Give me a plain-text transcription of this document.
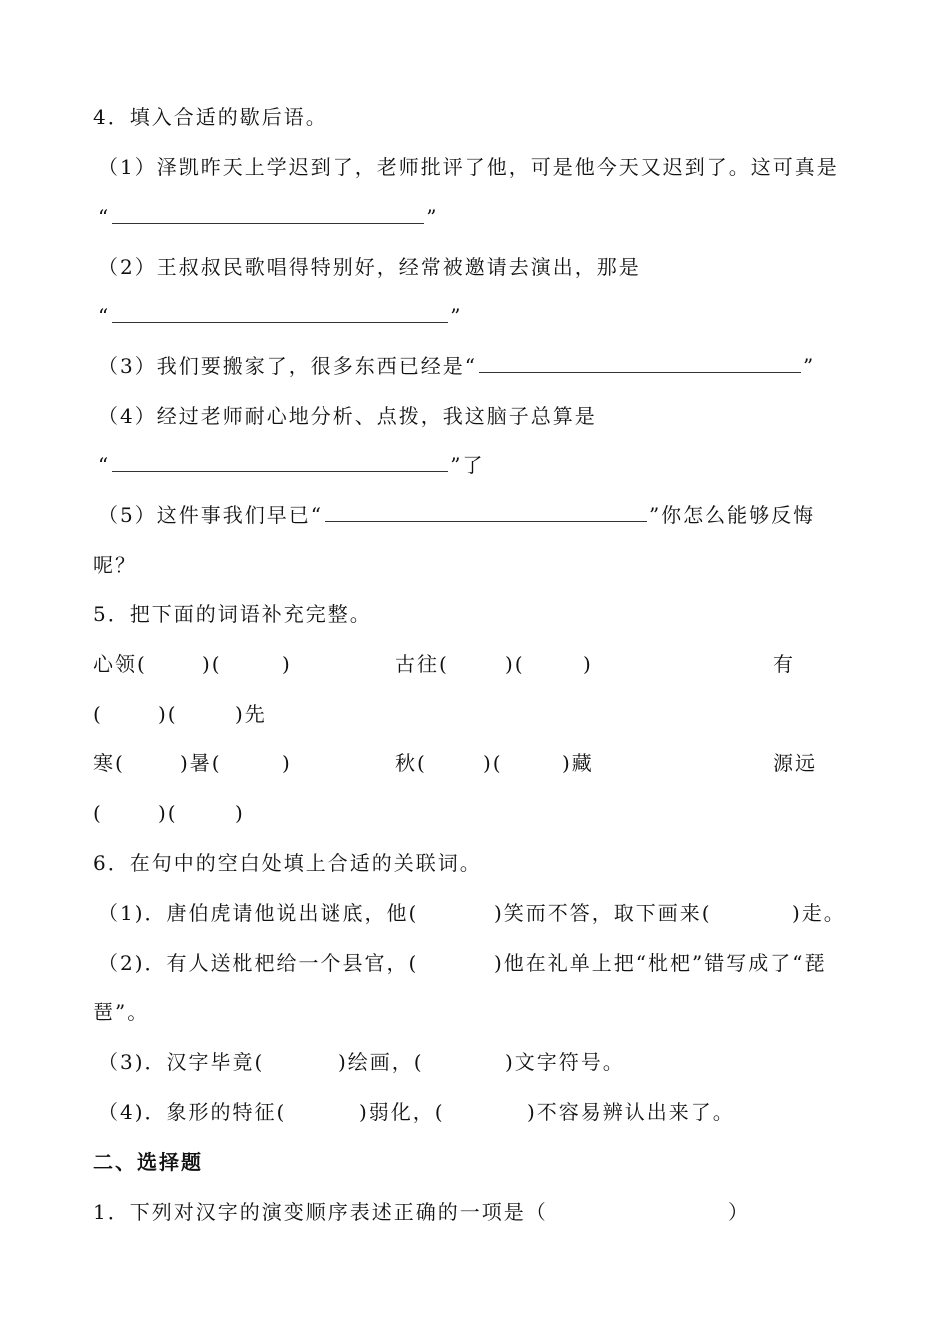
4．填入合适的歇后语。
（1）泽凯昨天上学迟到了，老师批评了他，可是他今天又迟到了。这可真是
“	”
（2）王叔叔民歌唱得特别好，经常被邀请去演出，那是
“	”
（3）我们要搬家了，很多东西已经是“	”
（4）经过老师耐心地分析、点拨，我这脑子总算是
“	”了
（5）这件事我们早已“	”你怎么能够反悔
呢？
5．把下面的词语补充完整。
心领(	)(	)	古往(	)(	)	有
(	)(	)先
寒(	)暑(	)	秋(	)(	)藏	源远
(	)(	)
6．在句中的空白处填上合适的关联词。
（1)．唐伯虎请他说出谜底，他(	)笑而不答，取下画来(	)走。
（2)．有人送枇杷给一个县官，(	)他在礼单上把“枇杷”错写成了“琵
琶”。
（3)．汉字毕竟(	)绘画，(	)文字符号。
（4)．象形的特征(	)弱化，(	)不容易辨认出来了。
二、选择题
1．下列对汉字的演变顺序表述正确的一项是（	）
